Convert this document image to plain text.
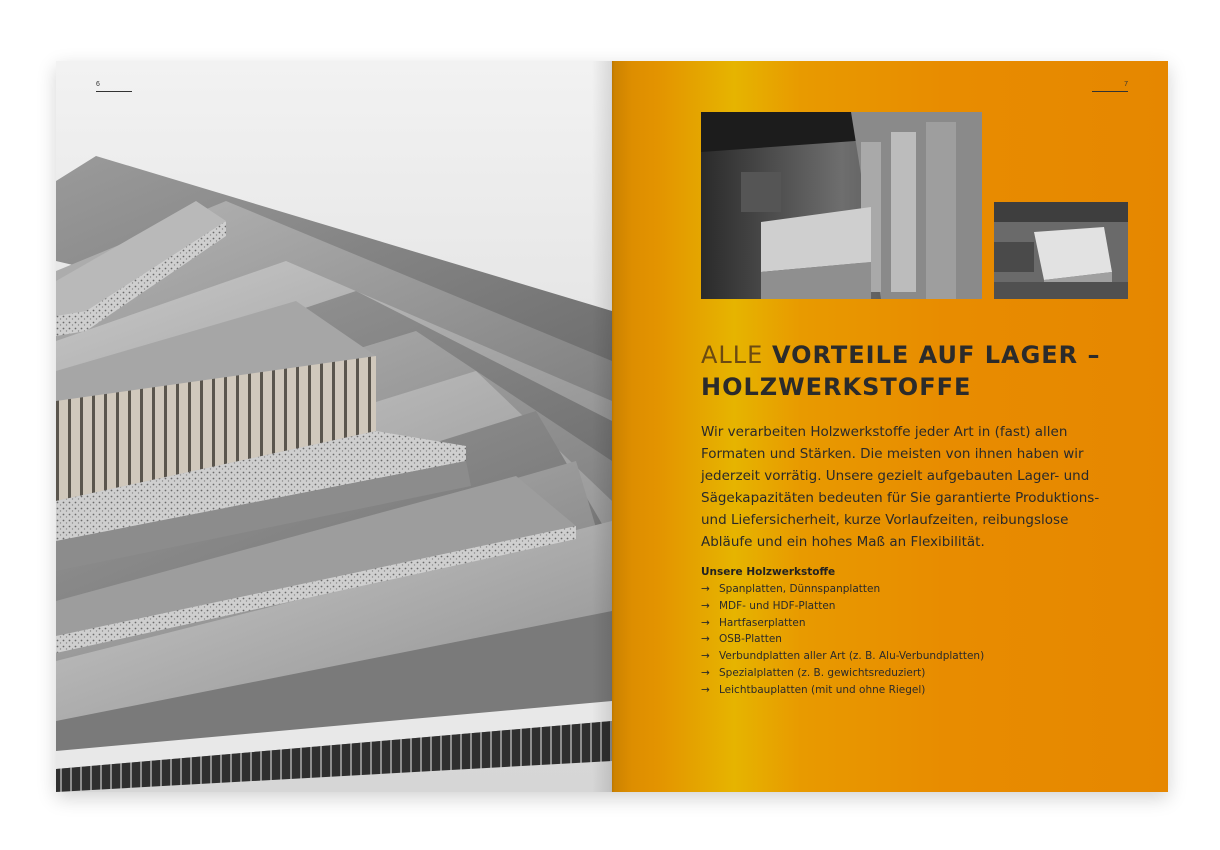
6	7
ALLE VORTEILE AUF LAGER –
HOLZWERKSTOFFE

Wir verarbeiten Holzwerkstoffe jeder Art in (fast) allen Formaten und Stärken. Die meisten von ihnen haben wir jederzeit vorrätig. Unsere gezielt aufgebauten Lager- und Sägekapazitäten bedeuten für Sie garantierte Produktions- und Liefersicherheit, kurze Vorlaufzeiten, reibungslose Abläufe und ein hohes Maß an Flexibilität.

Unsere Holzwerkstoffe
→ Spanplatten, Dünnspanplatten
→ MDF- und HDF-Platten
→ Hartfaserplatten
→ OSB-Platten
→ Verbundplatten aller Art (z. B. Alu-Verbundplatten)
→ Spezialplatten (z. B. gewichtsreduziert)
→ Leichtbauplatten (mit und ohne Riegel)
